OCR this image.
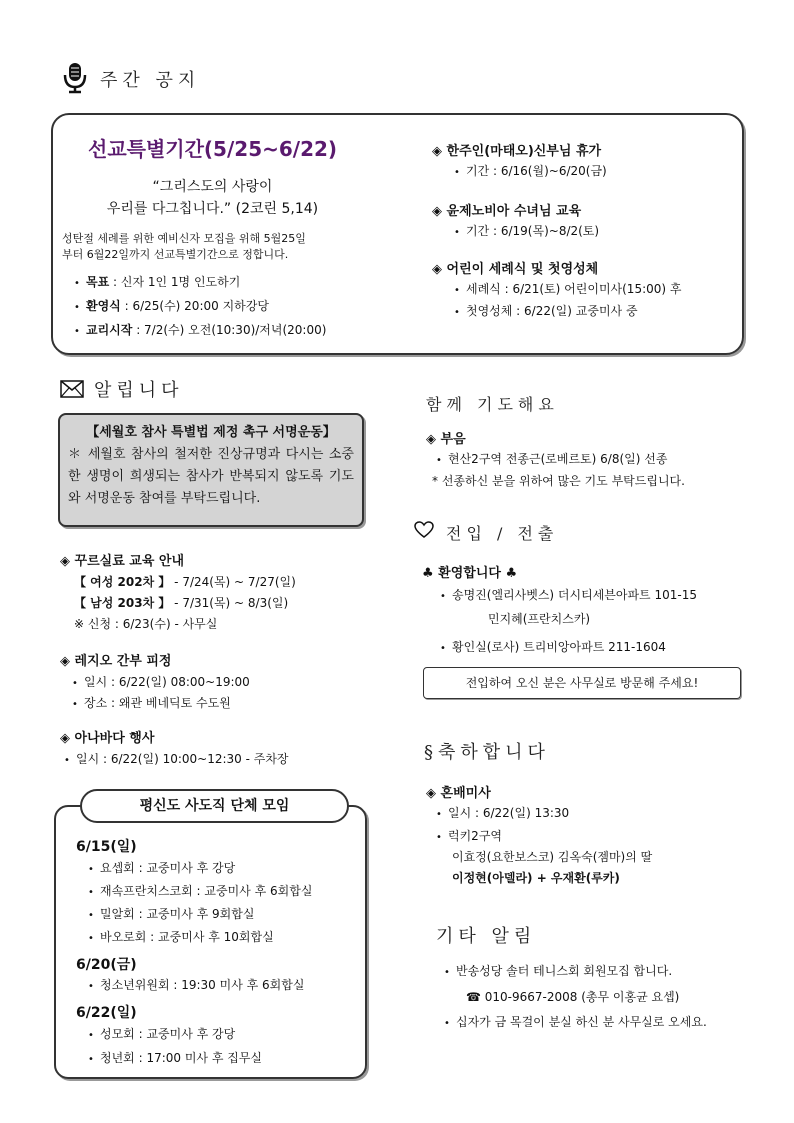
주간 공지
선교특별기간(5/25~6/22)
“그리스도의 사랑이
우리를 다그칩니다.” (2코린 5,14)
성탄절 세례를 위한 예비신자 모집을 위해 5월25일
부터 6월22일까지 선교특별기간으로 정합니다.
• 목표 : 신자 1인 1명 인도하기
• 환영식 : 6/25(수) 20:00 지하강당
• 교리시작 : 7/2(수) 오전(10:30)/저녁(20:00)
◈ 한주인(마태오)신부님 휴가
• 기간 : 6/16(월)~6/20(금)
◈ 윤제노비아 수녀님 교육
• 기간 : 6/19(목)~8/2(토)
◈ 어린이 세례식 및 첫영성체
• 세례식 : 6/21(토) 어린이미사(15:00) 후
• 첫영성체 : 6/22(일) 교중미사 중
알립니다
【세월호 참사 특별법 제정 촉구 서명운동】
＊ 세월호 참사의 철저한 진상규명과 다시는 소중한 생명이 희생되는 참사가 반복되지 않도록 기도와 서명운동 참여를 부탁드립니다.
◈ 꾸르실료 교육 안내
【 여성 202차 】 - 7/24(목) ~ 7/27(일)
【 남성 203차 】 - 7/31(목) ~ 8/3(일)
※ 신청 : 6/23(수) - 사무실
◈ 레지오 간부 피정
• 일시 : 6/22(일) 08:00~19:00
• 장소 : 왜관 베네딕토 수도원
◈ 아나바다 행사
• 일시 : 6/22(일) 10:00~12:30 - 주차장
평신도 사도직 단체 모임
6/15(일)
• 요셉회 : 교중미사 후 강당
• 재속프란치스코회 : 교중미사 후 6회합실
• 밀알회 : 교중미사 후 9회합실
• 바오로회 : 교중미사 후 10회합실
6/20(금)
• 청소년위원회 : 19:30 미사 후 6회합실
6/22(일)
• 성모회 : 교중미사 후 강당
• 청년회 : 17:00 미사 후 집무실
함께 기도해요
◈ 부음
• 현산2구역 전종근(로베르토) 6/8(일) 선종
* 선종하신 분을 위하여 많은 기도 부탁드립니다.
전입 / 전출
♣ 환영합니다 ♣
• 송명진(엘리사벳스) 더시티세븐아파트 101-15
민지혜(프란치스카)
• 황인실(로사) 트리비앙아파트 211-1604
전입하여 오신 분은 사무실로 방문해 주세요!
§축하합니다
◈ 혼배미사
• 일시 : 6/22(일) 13:30
• 럭키2구역
이효정(요한보스코) 김옥숙(젬마)의 딸
이정현(아델라) + 우재환(루카)
기타 알림
• 반송성당 솔터 테니스회 회원모집 합니다.
☎ 010-9667-2008 (총무 이홍균 요셉)
• 십자가 금 목걸이 분실 하신 분 사무실로 오세요.
